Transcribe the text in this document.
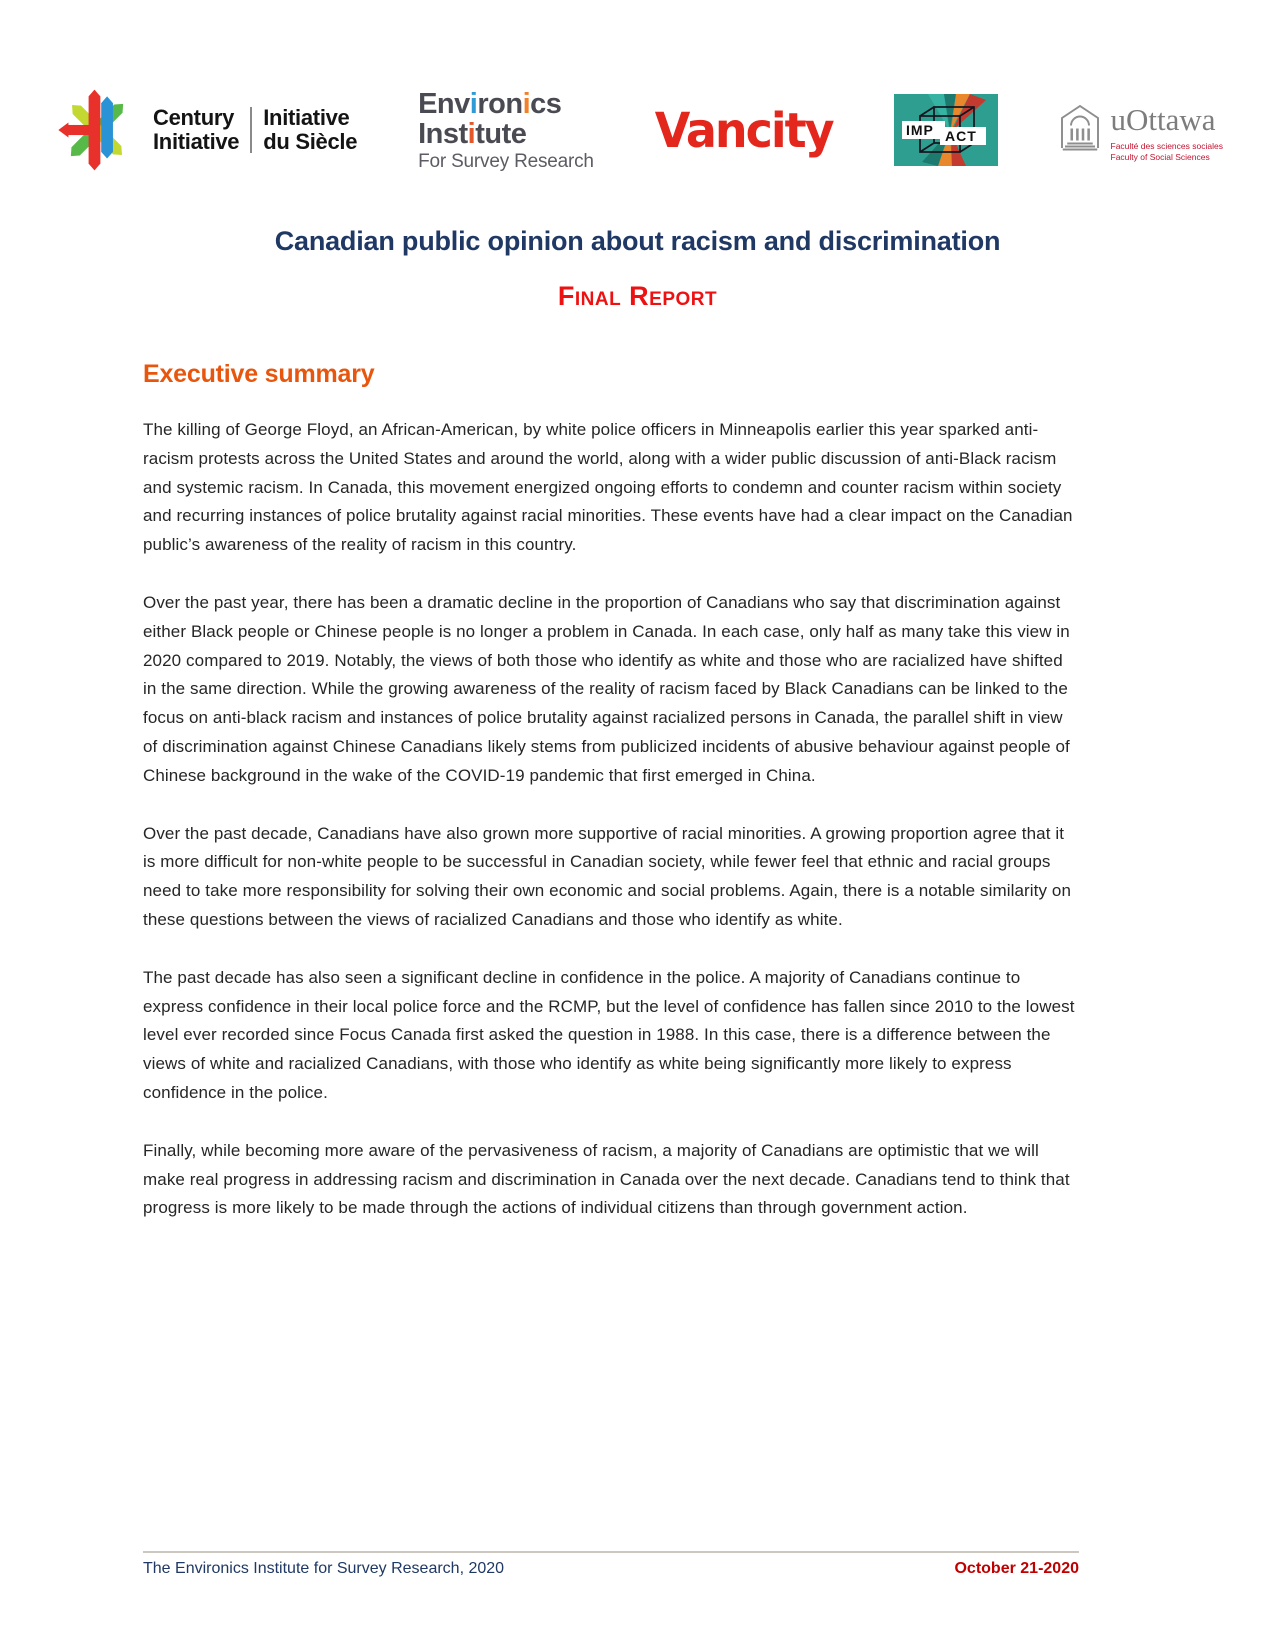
Century
Initiative
Initiative
du Siècle
Environics
Institute
For Survey Research
Vancity	IMP ACT	uOttawa
Faculté des sciences sociales
Faculty of Social Sciences
Canadian public opinion about racism and discrimination
Final Report
Executive summary

The killing of George Floyd, an African-American, by white police officers in Minneapolis earlier this year sparked anti-racism protests across the United States and around the world, along with a wider public discussion of anti-Black racism and systemic racism. In Canada, this movement energized ongoing efforts to condemn and counter racism within society and recurring instances of police brutality against racial minorities. These events have had a clear impact on the Canadian public’s awareness of the reality of racism in this country.

Over the past year, there has been a dramatic decline in the proportion of Canadians who say that discrimination against either Black people or Chinese people is no longer a problem in Canada. In each case, only half as many take this view in 2020 compared to 2019. Notably, the views of both those who identify as white and those who are racialized have shifted in the same direction. While the growing awareness of the reality of racism faced by Black Canadians can be linked to the focus on anti-black racism and instances of police brutality against racialized persons in Canada, the parallel shift in view of discrimination against Chinese Canadians likely stems from publicized incidents of abusive behaviour against people of Chinese background in the wake of the COVID-19 pandemic that first emerged in China.

Over the past decade, Canadians have also grown more supportive of racial minorities. A growing proportion agree that it is more difficult for non-white people to be successful in Canadian society, while fewer feel that ethnic and racial groups need to take more responsibility for solving their own economic and social problems. Again, there is a notable similarity on these questions between the views of racialized Canadians and those who identify as white.

The past decade has also seen a significant decline in confidence in the police. A majority of Canadians continue to express confidence in their local police force and the RCMP, but the level of confidence has fallen since 2010 to the lowest level ever recorded since Focus Canada first asked the question in 1988. In this case, there is a difference between the views of white and racialized Canadians, with those who identify as white being significantly more likely to express confidence in the police.

Finally, while becoming more aware of the pervasiveness of racism, a majority of Canadians are optimistic that we will make real progress in addressing racism and discrimination in Canada over the next decade. Canadians tend to think that progress is more likely to be made through the actions of individual citizens than through government action.

The Environics Institute for Survey Research, 2020	October 21-2020
